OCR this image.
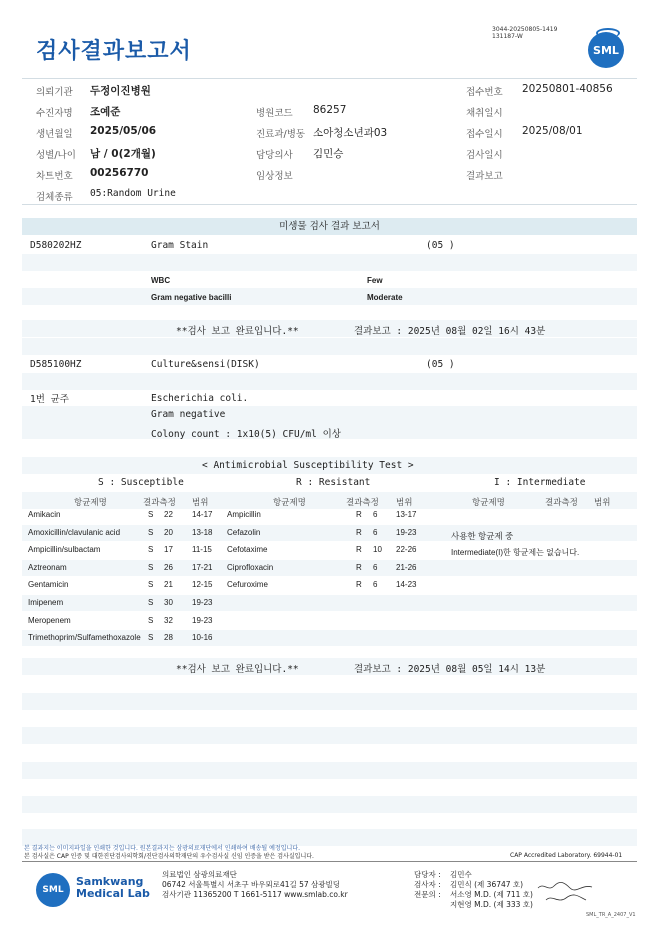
검사결과보고서
3044-20250805-1419
131187-W
SML
의뢰기관 두정이진병원	접수번호 20250801-40856
수진자명 조예준	병원코드 86257	채취일시
생년월일 2025/05/06	진료과/병동 소아청소년과03	접수일시 2025/08/01
성별/나이 남 / 0(2개월)	담당의사 김민승	검사일시
차트번호 00256770	임상정보	결과보고
검체종류 05:Random Urine
미생물 검사 결과 보고서
D580202HZ	Gram Stain	(05 )
WBC	Few
Gram negative bacilli	Moderate
**검사 보고 완료입니다.**	결과보고 : 2025년 08월 02일 16시 43분
D585100HZ	Culture&sensi(DISK)	(05 )
1번 균주	Escherichia coli.
Gram negative
Colony count : 1x10(5) CFU/ml 이상
< Antimicrobial Susceptibility Test >
S : Susceptible	R : Resistant	I : Intermediate
항균제명	결과측정 범위	항균제명	결과측정 범위	항균제명	결과측정 범위
Amikacin	S 22 14-17 Ampicillin	R 6 13-17
Amoxicillin/clavulanic acid	S 20 13-18 Cefazolin	R 6 19-23
Ampicillin/sulbactam	S 17 11-15 Cefotaxime	R 10 22-26
Aztreonam	S 26 17-21 Ciprofloxacin	R 6 21-26
Gentamicin	S 21 12-15 Cefuroxime	R 6 14-23
Imipenem	S 30 19-23
Meropenem	S 32 19-23
Trimethoprim/Sulfamethoxazole S 28 10-16
사용한 항균제 중
Intermediate(I)한 항균제는 없습니다.
**검사 보고 완료입니다.**	결과보고 : 2025년 08월 05일 14시 13분
본 결과지는 이미지파일을 인쇄한 것입니다. 원본결과지는 삼광의료재단에서 인쇄하여 배송될 예정입니다.
본 검사실은 CAP 인증 및 대한진단검사의학회/진단검사의학재단의 우수검사실 신임 인증을 받은 검사실입니다.	CAP Accredited Laboratory. 69944-01
SML
Samkwang
Medical Lab
의료법인 삼광의료재단
06742 서울특별시 서초구 바우뫼로41길 57 삼광빌딩
검사기관 11365200 T 1661-5117 www.smlab.co.kr
담당자 :
검사자 :
전문의 :
김민수
김민식 (제 36747 호)
서소영 M.D. (제 711 호)
지현영 M.D. (제 333 호)
SML_TR_A_2407_V1
